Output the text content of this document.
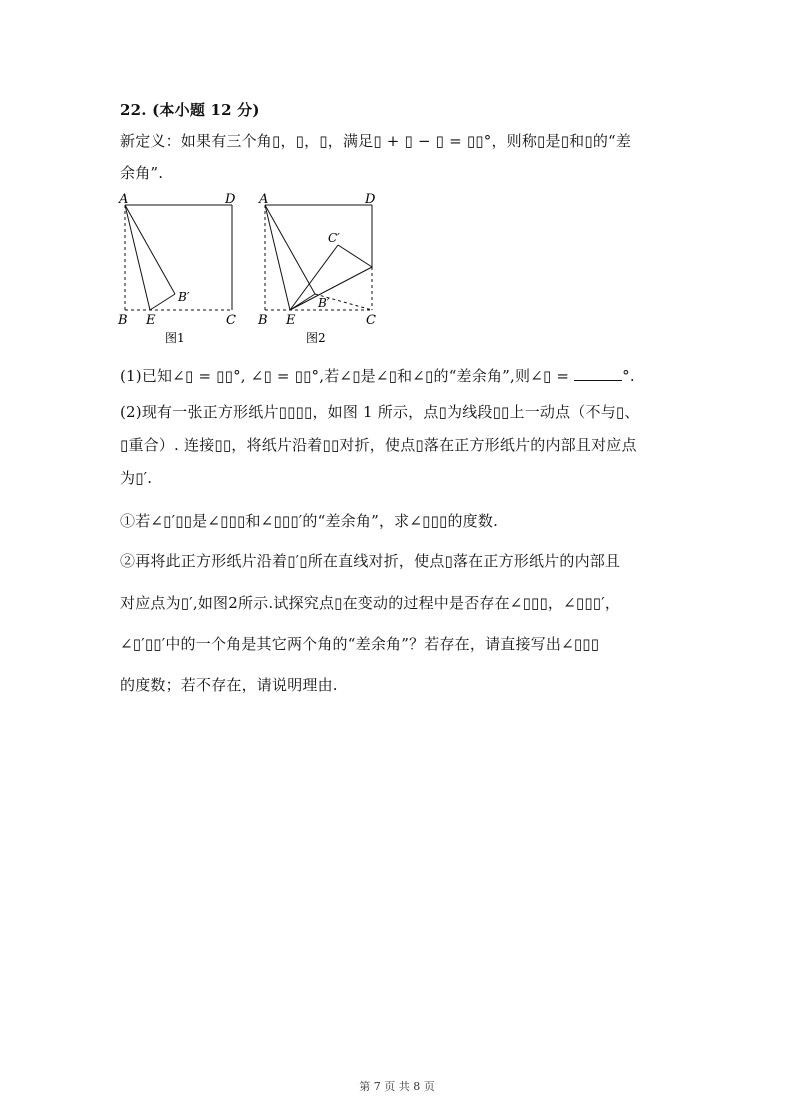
22. (本小题 12 分)
新定义：如果有三个角▯，▯，▯，满足▯ + ▯ − ▯ = ▯▯°，则称▯是▯和▯的“差
余角”.
A	D
B E	C
B′
图1
A	D
B E	C
B′
C′
图2
(1)已知∠▯ = ▯▯°, ∠▯ = ▯▯°,若∠▯是∠▯和∠▯的“差余角”,则∠▯ =	°.
(2)现有一张正方形纸片▯▯▯▯，如图 1 所示，点▯为线段▯▯上一动点（不与▯、
▯重合）. 连接▯▯，将纸片沿着▯▯对折，使点▯落在正方形纸片的内部且对应点
为▯′.
①若∠▯′▯▯是∠▯▯▯和∠▯▯▯′的“差余角”，求∠▯▯▯的度数.
②再将此正方形纸片沿着▯′▯所在直线对折，使点▯落在正方形纸片的内部且
对应点为▯′,如图2所示.试探究点▯在变动的过程中是否存在∠▯▯▯，∠▯▯▯′，
∠▯′▯▯′中的一个角是其它两个角的“差余角”？若存在，请直接写出∠▯▯▯
的度数；若不存在，请说明理由.
第 7 页 共 8 页
